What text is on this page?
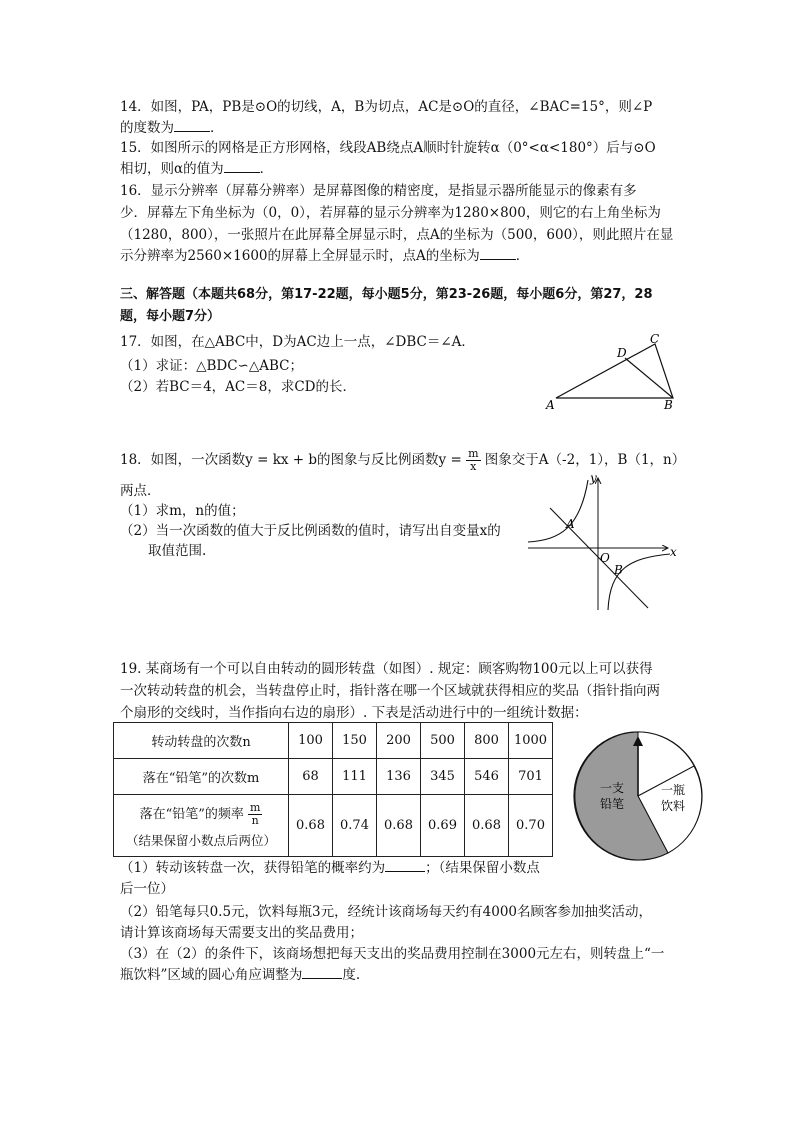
14．如图，PA，PB是⊙O的切线，A，B为切点，AC是⊙O的直径，∠BAC=15°，则∠P
的度数为	．
15．如图所示的网格是正方形网格，线段AB绕点A顺时针旋转α（0°<α<180°）后与⊙O
相切，则α的值为	．
16．显示分辨率（屏幕分辨率）是屏幕图像的精密度，是指显示器所能显示的像素有多
少．屏幕左下角坐标为（0，0），若屏幕的显示分辨率为1280×800，则它的右上角坐标为
（1280，800），一张照片在此屏幕全屏显示时，点A的坐标为（500，600），则此照片在显
示分辨率为2560×1600的屏幕上全屏显示时，点A的坐标为	．
三、解答题（本题共68分，第17-22题，每小题5分，第23-26题，每小题6分，第27，28
题，每小题7分）
17．如图，在△ABC中，D为AC边上一点，∠DBC＝∠A．
（1）求证：△BDC∽△ABC；
（2）若BC＝4，AC＝8，求CD的长．
A	B
C
D
18．如图，一次函数y = kx + b的图象与反比例函数$y = \frac{m}{x}$ 图象交于A（-2，1），B（1，n）
两点．
（1）求m，n的值；
（2）当一次函数的值大于反比例函数的值时，请写出自变量x的
取值范围.	x
y
O
A
B
19. 某商场有一个可以自由转动的圆形转盘（如图）. 规定：顾客购物100元以上可以获得
一次转动转盘的机会，当转盘停止时，指针落在哪一个区域就获得相应的奖品（指针指向两
个扇形的交线时，当作指向右边的扇形）. 下表是活动进行中的一组统计数据：
转动转盘的次数n	100	150	200	500	800	1000
落在“铅笔”的次数m	68	111	136	345	546	701

落在“铅笔”的频率 $\frac{m}{n}$
（结果保留小数点后两位）	0.68	0.74	0.68	0.69	0.68	0.70
一支
铅笔
一瓶
饮料
（1）转动该转盘一次，获得铅笔的概率约为	；（结果保留小数点
后一位）
（2）铅笔每只0.5元，饮料每瓶3元，经统计该商场每天约有4000名顾客参加抽奖活动，
请计算该商场每天需要支出的奖品费用；
（3）在（2）的条件下，该商场想把每天支出的奖品费用控制在3000元左右，则转盘上“一
瓶饮料”区域的圆心角应调整为	度.
